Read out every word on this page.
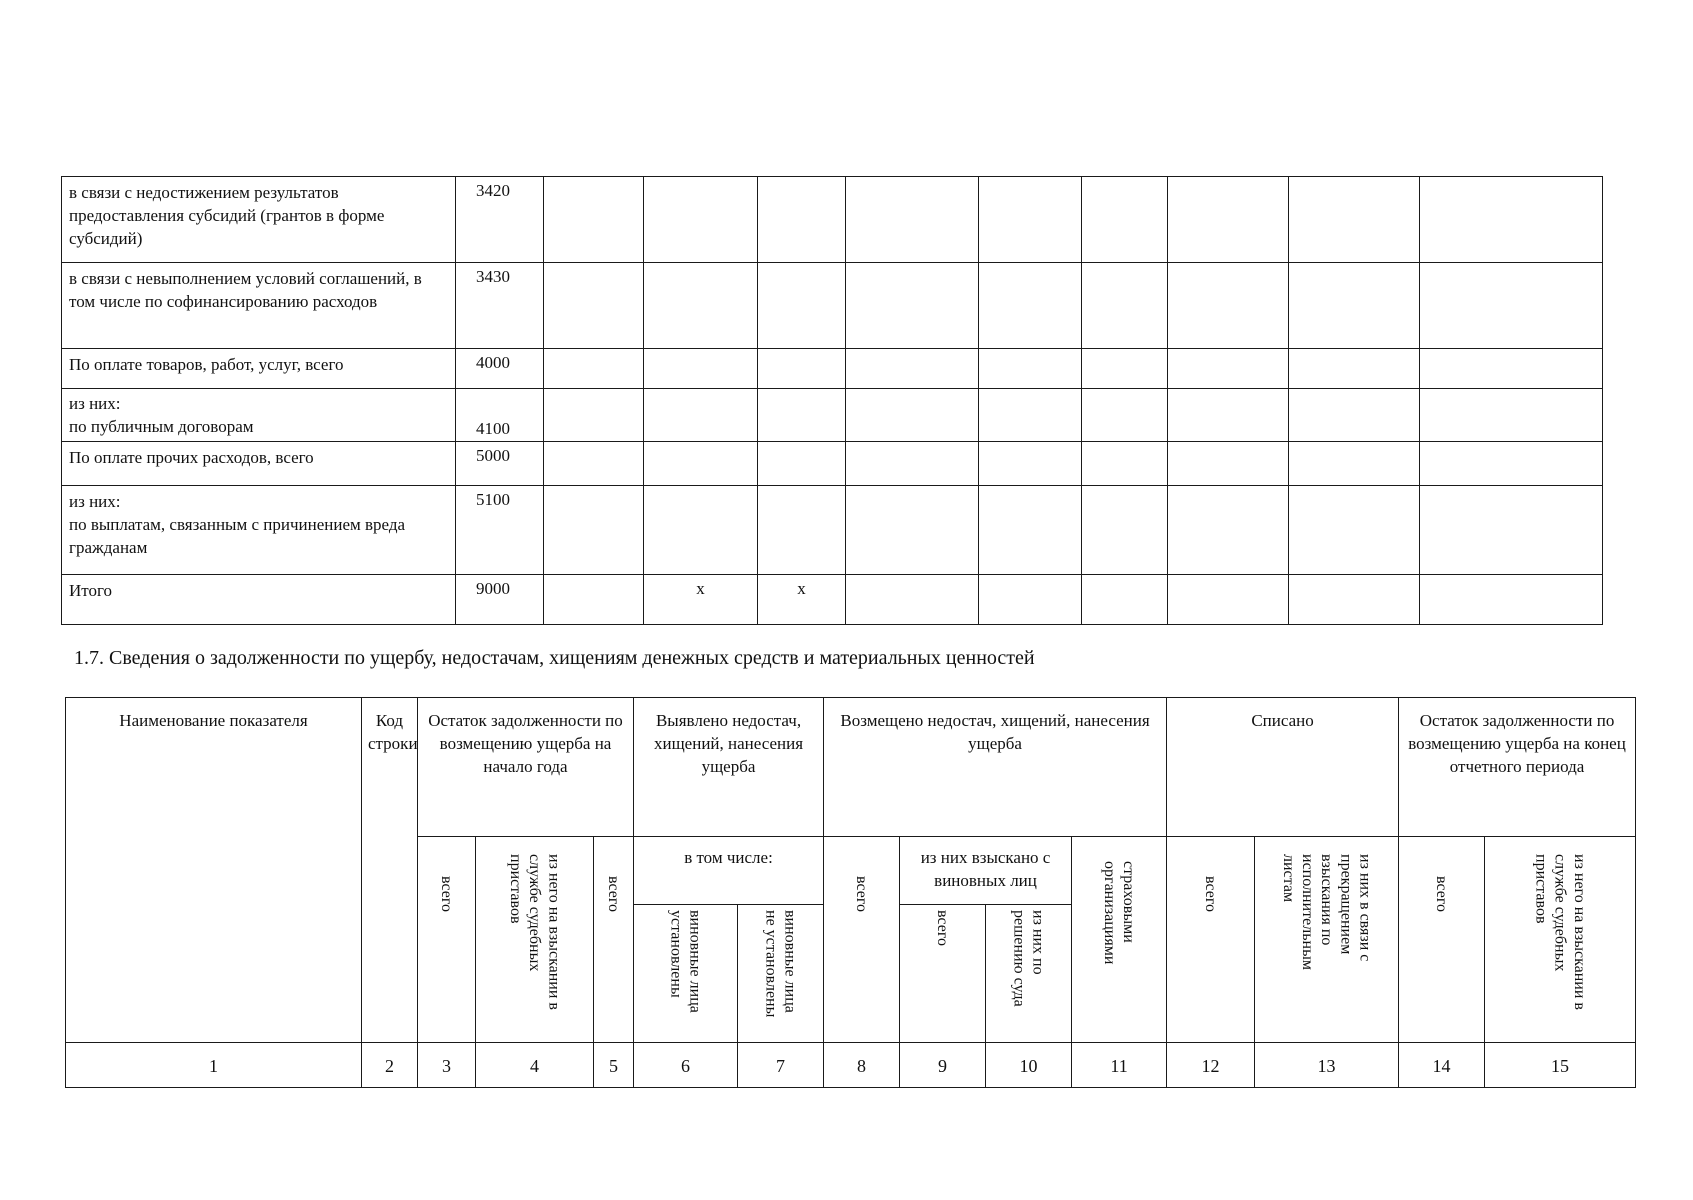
в связи с недостижением результатов предоставления субсидий (грантов в форме субсидий)	3420									
в связи с невыполнением условий соглашений, в том числе по софинансированию расходов	3430									
По оплате товаров, работ, услуг, всего	4000									

из них:
по публичным договорам	4100									
По оплате прочих расходов, всего	5000									

из них:
по выплатам, связанным с причинением вреда гражданам	5100									
Итого	9000		x	x						
1.7. Сведения о задолженности по ущербу, недостачам, хищениям денежных средств и материальных ценностей
Наименование показателя	Код строки	Остаток задолженности по возмещению ущерба на начало года			Выявлено недостач, хищений, нанесения ущерба		Возмещено недостач, хищений, нанесения ущерба				Списано		Остаток задолженности по возмещению ущерба на конец отчетного периода	
		всего	из него на взыскании в службе судебных приставов	всего	в том числе:		всего	из них взыскано с виновных лиц		страховыми организациями	всего	из них в связи с прекращением взыскания по исполнительным листам	всего	из него на взыскании в службе судебных приставов
					виновные лица установлены	виновные лица не установлены		всего	из них по решению суда					

1	2	3	4	5	6	7	8	9	10	11	12	13	14	15
